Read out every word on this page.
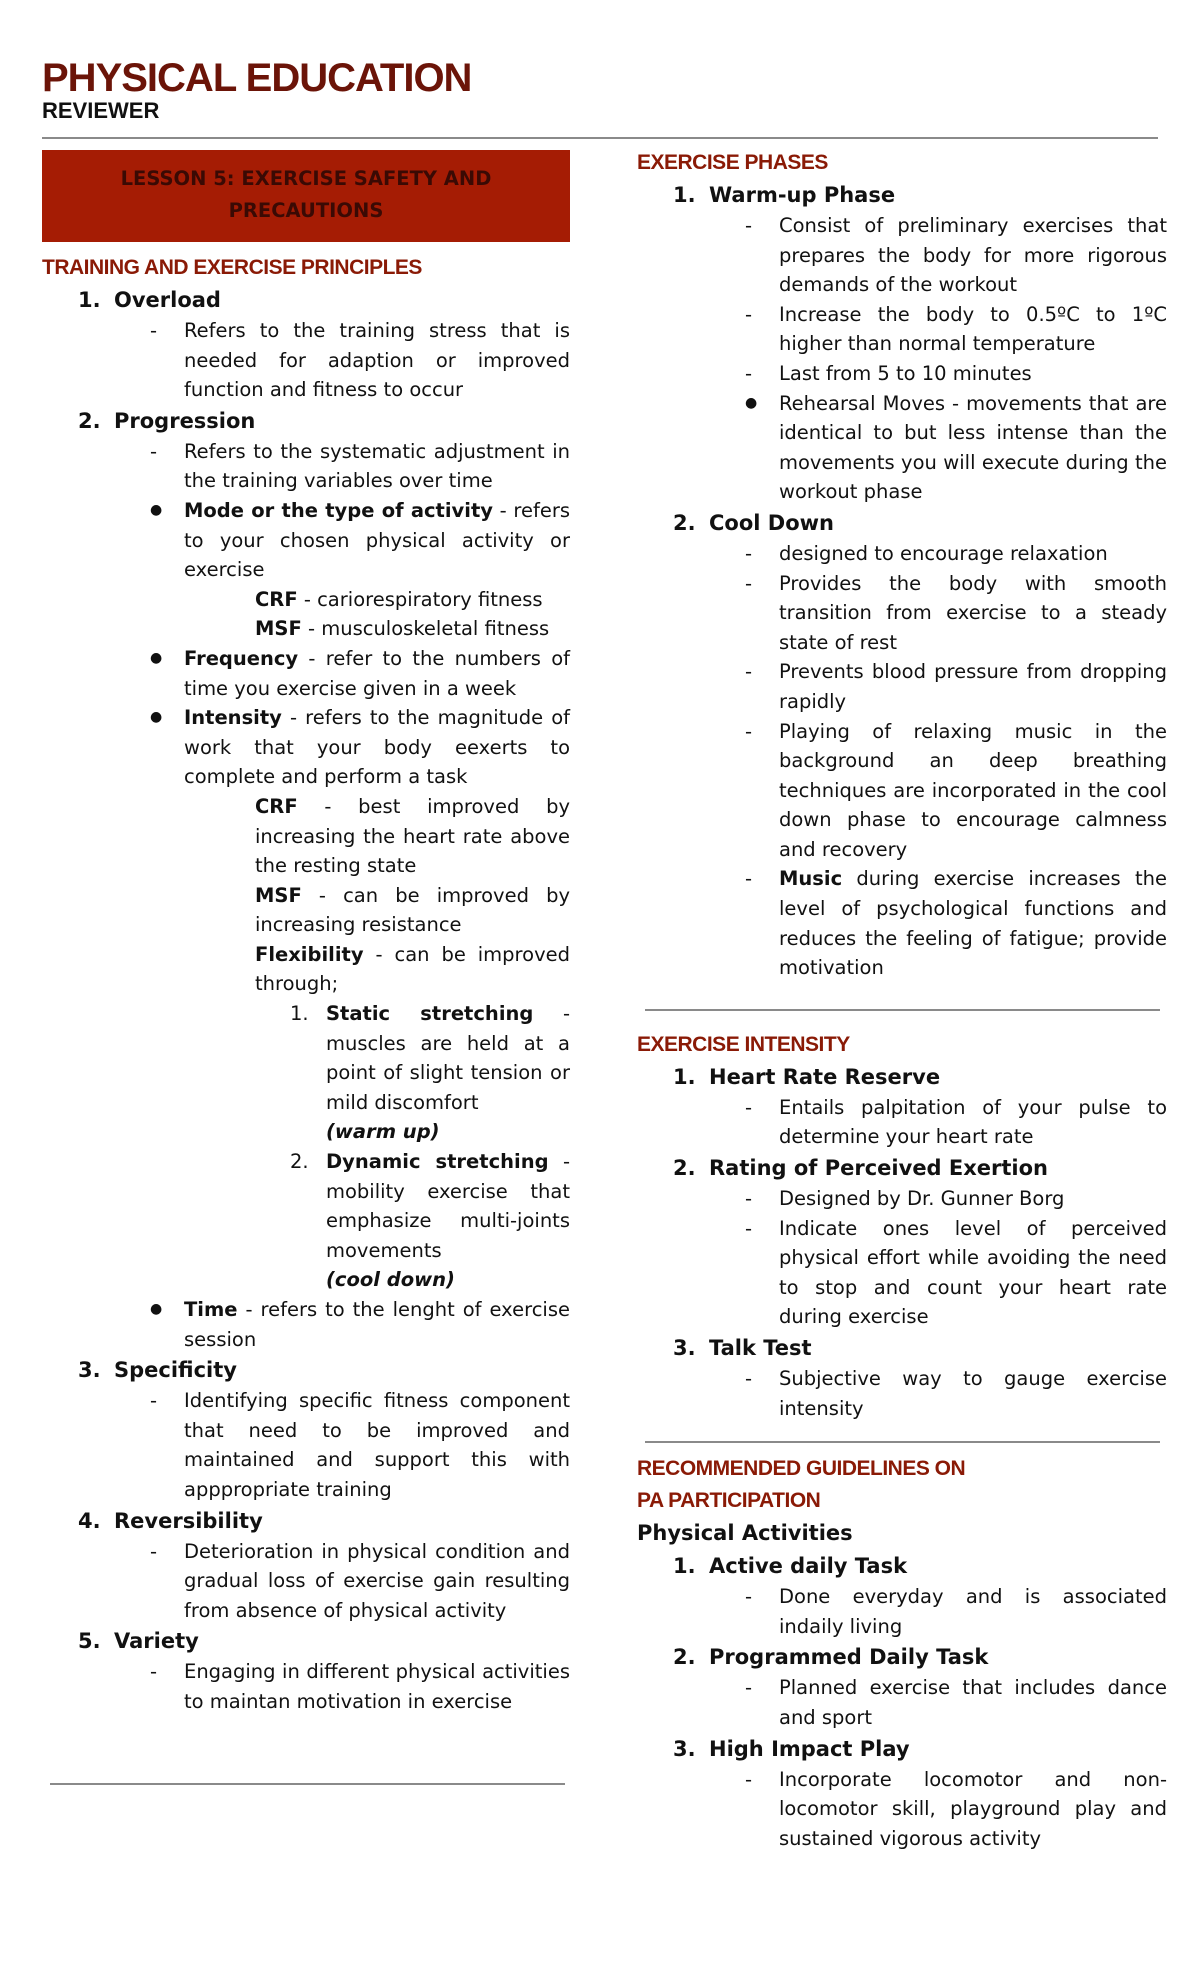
PHYSICAL EDUCATION
REVIEWER
LESSON 5: EXERCISE SAFETY AND PRECAUTIONS
TRAINING AND EXERCISE PRINCIPLES
1. Overload
-	Refers to the training stress that is needed for adaption or improved function and fitness to occur
2. Progression
-	Refers to the systematic adjustment in the training variables over time
●	Mode or the type of activity - refers to your chosen physical activity or exercise
CRF - cariorespiratory fitness
MSF - musculoskeletal fitness
●	Frequency - refer to the numbers of time you exercise given in a week
●	Intensity - refers to the magnitude of work that your body eexerts to complete and perform a task
CRF - best improved by increasing the heart rate above the resting state
MSF - can be improved by increasing resistance
Flexibility - can be improved through;
1. Static stretching - muscles are held at a point of slight tension or mild discomfort
(warm up)
2. Dynamic stretching - mobility exercise that emphasize multi-joints movements
(cool down)
●	Time - refers to the lenght of exercise session
3. Specificity
-	Identifying specific fitness component that need to be improved and maintained and support this with apppropriate training
4. Reversibility
-	Deterioration in physical condition and gradual loss of exercise gain resulting from absence of physical activity
5. Variety
-	Engaging in different physical activities to maintan motivation in exercise
EXERCISE PHASES
1. Warm-up Phase
-	Consist of preliminary exercises that prepares the body for more rigorous demands of the workout
-	Increase the body to 0.5ºC to 1ºC higher than normal temperature
-	Last from 5 to 10 minutes
●	Rehearsal Moves - movements that are identical to but less intense than the movements you will execute during the workout phase
2. Cool Down
-	designed to encourage relaxation
-	Provides the body with smooth transition from exercise to a steady state of rest
-	Prevents blood pressure from dropping rapidly
-	Playing of relaxing music in the background an deep breathing techniques are incorporated in the cool down phase to encourage calmness and recovery
-	Music during exercise increases the level of psychological functions and reduces the feeling of fatigue; provide motivation
EXERCISE INTENSITY
1. Heart Rate Reserve
-	Entails palpitation of your pulse to determine your heart rate
2. Rating of Perceived Exertion
-	Designed by Dr. Gunner Borg
-	Indicate ones level of perceived physical effort while avoiding the need to stop and count your heart rate during exercise
3. Talk Test
-	Subjective way to gauge exercise intensity
RECOMMENDED GUIDELINES ON
PA PARTICIPATION
Physical Activities
1. Active daily Task
-	Done everyday and is associated indaily living
2. Programmed Daily Task
-	Planned exercise that includes dance and sport
3. High Impact Play
-	Incorporate locomotor and non-locomotor skill, playground play and sustained vigorous activity
